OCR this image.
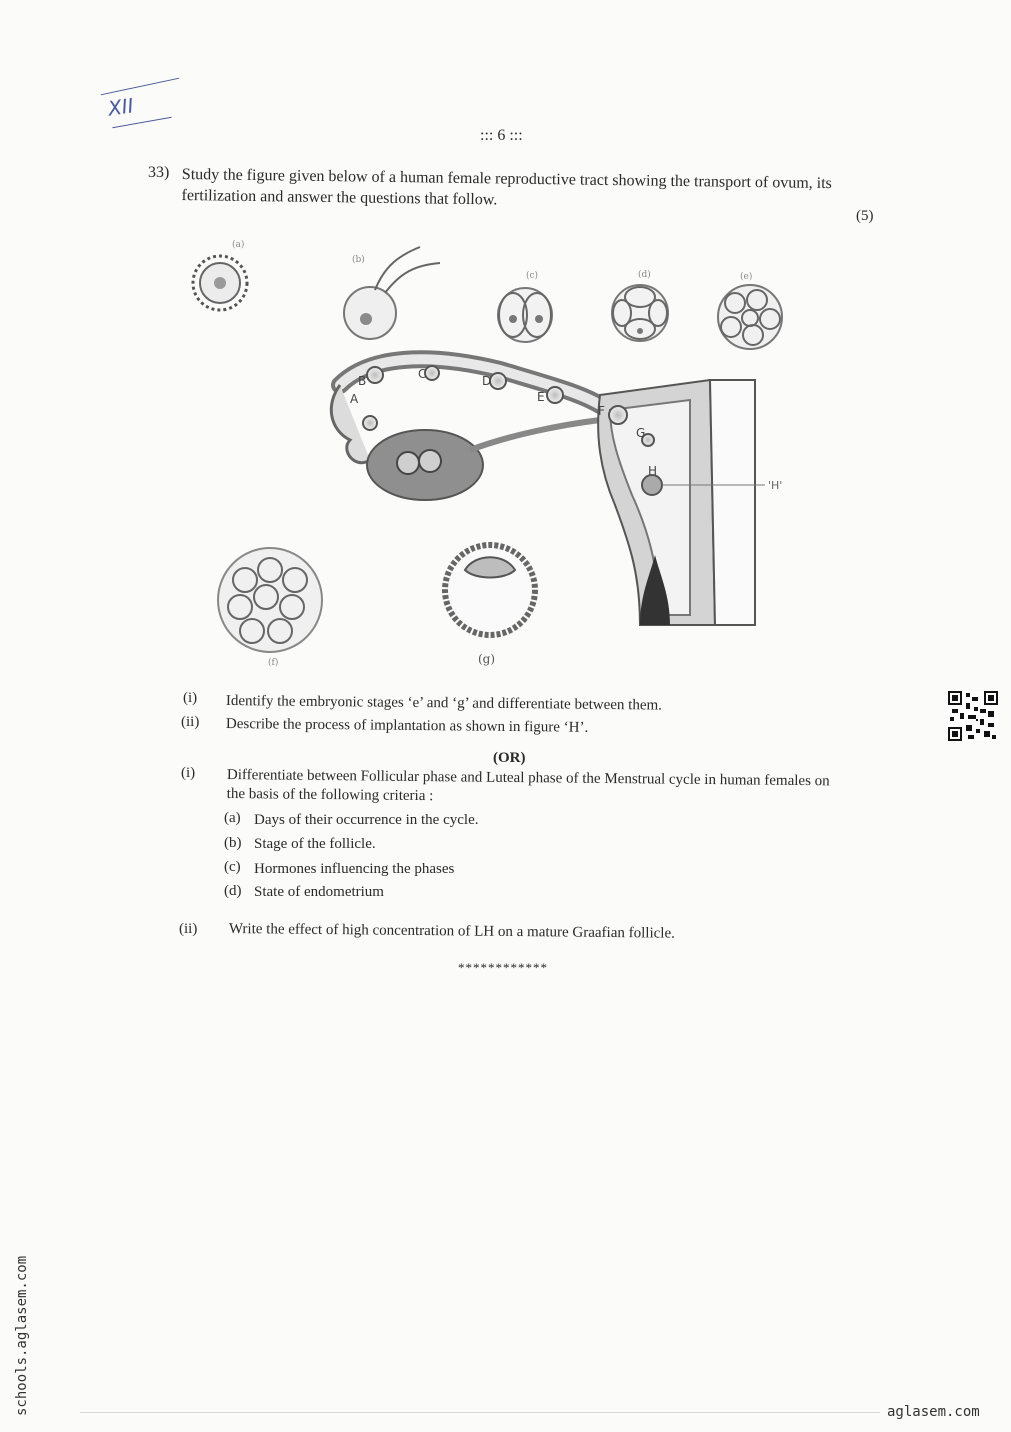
XII
::: 6 :::
33) Study the figure given below of a human female reproductive tract showing the transport of ovum, its fertilization and answer the questions that follow.
(5)
(a)
(b)
(c)	(d)	(e)
A
B	C	D
E
F
G
H
'H'
(f)	(g)
(i) Identify the embryonic stages ‘e’ and ‘g’ and differentiate between them.
(ii) Describe the process of implantation as shown in figure ‘H’.
(OR)
(i) Differentiate between Follicular phase and Luteal phase of the Menstrual cycle in human females on the basis of the following criteria :
(a) Days of their occurrence in the cycle.
(b) Stage of the follicle.
(c) Hormones influencing the phases
(d) State of endometrium
(ii) Write the effect of high concentration of LH on a mature Graafian follicle.
************
schools.aglasem.com	aglasem.com
